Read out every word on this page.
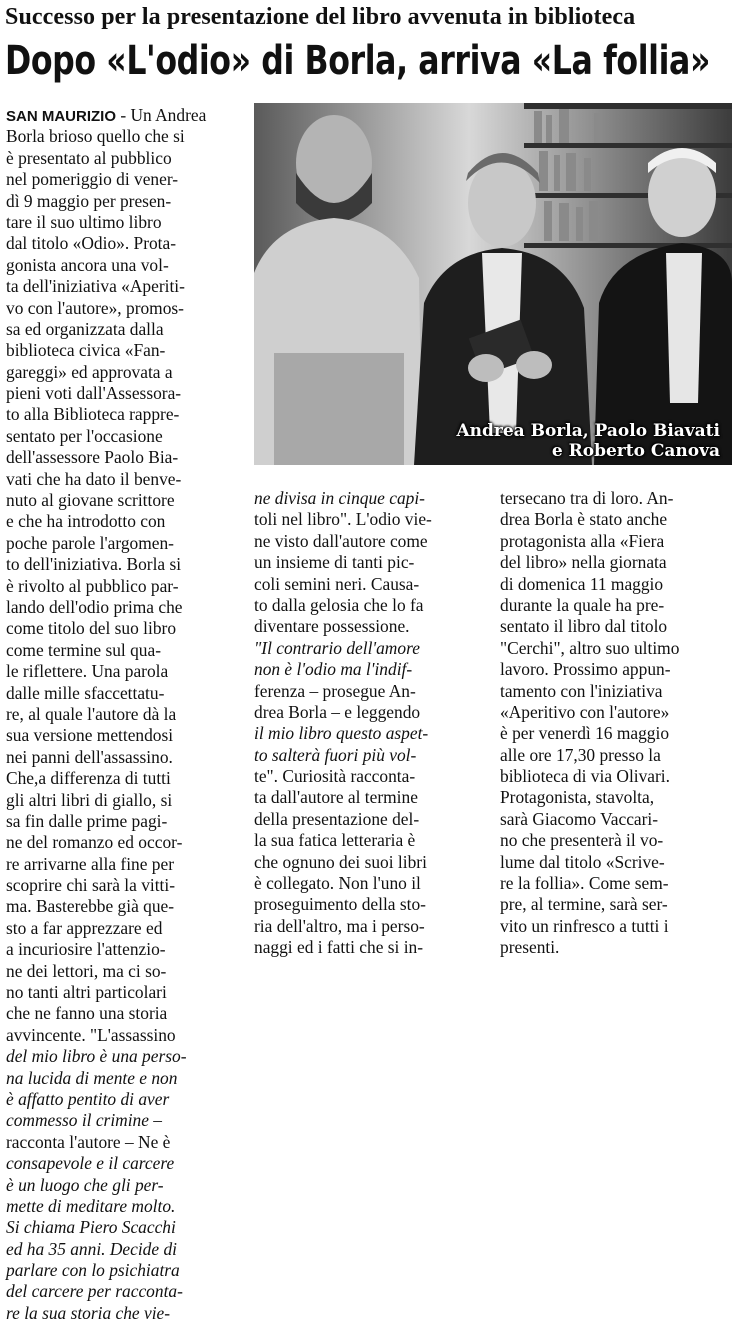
Successo per la presentazione del libro avvenuta in biblioteca
Dopo «L'odio» di Borla, arriva «La follia»
SAN MAURIZIO - Un Andrea
Borla brioso quello che si
è presentato al pubblico
nel pomeriggio di vener-
dì 9 maggio per presen-
tare il suo ultimo libro
dal titolo «Odio». Prota-
gonista ancora una vol-
ta dell'iniziativa «Aperiti-
vo con l'autore», promos-
sa ed organizzata dalla
biblioteca civica «Fan-
gareggi» ed approvata a
pieni voti dall'Assessora-
to alla Biblioteca rappre-
sentato per l'occasione
dell'assessore Paolo Bia-
vati che ha dato il benve-
nuto al giovane scrittore
e che ha introdotto con
poche parole l'argomen-
to dell'iniziativa. Borla si
è rivolto al pubblico par-
lando dell'odio prima che
come titolo del suo libro
come termine sul qua-
le riflettere. Una parola
dalle mille sfaccettatu-
re, al quale l'autore dà la
sua versione mettendosi
nei panni dell'assassino.
Che,a differenza di tutti
gli altri libri di giallo, si
sa fin dalle prime pagi-
ne del romanzo ed occor-
re arrivarne alla fine per
scoprire chi sarà la vitti-
ma. Basterebbe già que-
sto a far apprezzare ed
a incuriosire l'attenzio-
ne dei lettori, ma ci so-
no tanti altri particolari
che ne fanno una storia
avvincente. "L'assassino
del mio libro è una perso-
na lucida di mente e non
è affatto pentito di aver
commesso il crimine –
racconta l'autore – Ne è
consapevole e il carcere
è un luogo che gli per-
mette di meditare molto.
Si chiama Piero Scacchi
ed ha 35 anni. Decide di
parlare con lo psichiatra
del carcere per racconta-
re la sua storia che vie-
Andrea Borla, Paolo Biavati
e Roberto Canova
ne divisa in cinque capi-
toli nel libro". L'odio vie-
ne visto dall'autore come
un insieme di tanti pic-
coli semini neri. Causa-
to dalla gelosia che lo fa
diventare possessione.
"Il contrario dell'amore
non è l'odio ma l'indif-
ferenza – prosegue An-
drea Borla – e leggendo
il mio libro questo aspet-
to salterà fuori più vol-
te". Curiosità racconta-
ta dall'autore al termine
della presentazione del-
la sua fatica letteraria è
che ognuno dei suoi libri
è collegato. Non l'uno il
proseguimento della sto-
ria dell'altro, ma i perso-
naggi ed i fatti che si in-
tersecano tra di loro. An-
drea Borla è stato anche
protagonista alla «Fiera
del libro» nella giornata
di domenica 11 maggio
durante la quale ha pre-
sentato il libro dal titolo
"Cerchi", altro suo ultimo
lavoro. Prossimo appun-
tamento con l'iniziativa
«Aperitivo con l'autore»
è per venerdì 16 maggio
alle ore 17,30 presso la
biblioteca di via Olivari.
Protagonista, stavolta,
sarà Giacomo Vaccari-
no che presenterà il vo-
lume dal titolo «Scrive-
re la follia». Come sem-
pre, al termine, sarà ser-
vito un rinfresco a tutti i
presenti.
